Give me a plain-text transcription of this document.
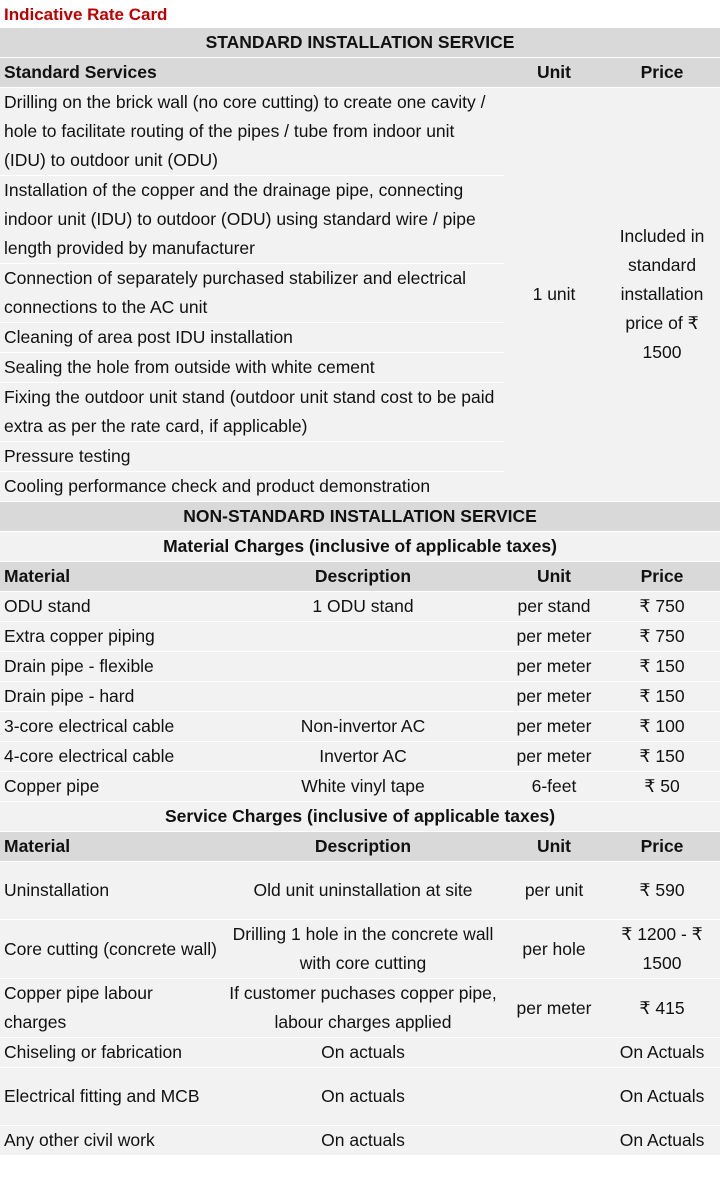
Indicative Rate Card
STANDARD INSTALLATION SERVICE			
Standard Services		Unit	Price
Drilling on the brick wall (no core cutting) to create one cavity / hole to facilitate routing of the pipes / tube from indoor unit (IDU) to outdoor unit (ODU)		1 unit	Included in standard installation price of ₹ 1500
Installation of the copper and the drainage pipe, connecting indoor unit (IDU) to outdoor (ODU) using standard wire / pipe length provided by manufacturer			
Connection of separately purchased stabilizer and electrical connections to the AC unit			
Cleaning of area post IDU installation			
Sealing the hole from outside with white cement			
Fixing the outdoor unit stand (outdoor unit stand cost to be paid extra as per the rate card, if applicable)			
Pressure testing			
Cooling performance check and product demonstration			
NON-STANDARD INSTALLATION SERVICE			
Material Charges (inclusive of applicable taxes)			
Material	Description	Unit	Price
ODU stand	1 ODU stand	per stand	₹ 750
Extra copper piping		per meter	₹ 750
Drain pipe - flexible		per meter	₹ 150
Drain pipe - hard		per meter	₹ 150
3-core electrical cable	Non-invertor AC	per meter	₹ 100
4-core electrical cable	Invertor AC	per meter	₹ 150
Copper pipe	White vinyl tape	6-feet	₹ 50
Service Charges (inclusive of applicable taxes)			
Material	Description	Unit	Price
Uninstallation	Old unit uninstallation at site	per unit	₹ 590
Core cutting (concrete wall)	Drilling 1 hole in the concrete wall with core cutting	per hole	₹ 1200 - ₹ 1500
Copper pipe labour charges	If customer puchases copper pipe, labour charges applied	per meter	₹ 415
Chiseling or fabrication	On actuals		On Actuals
Electrical fitting and MCB	On actuals		On Actuals
Any other civil work	On actuals		On Actuals
